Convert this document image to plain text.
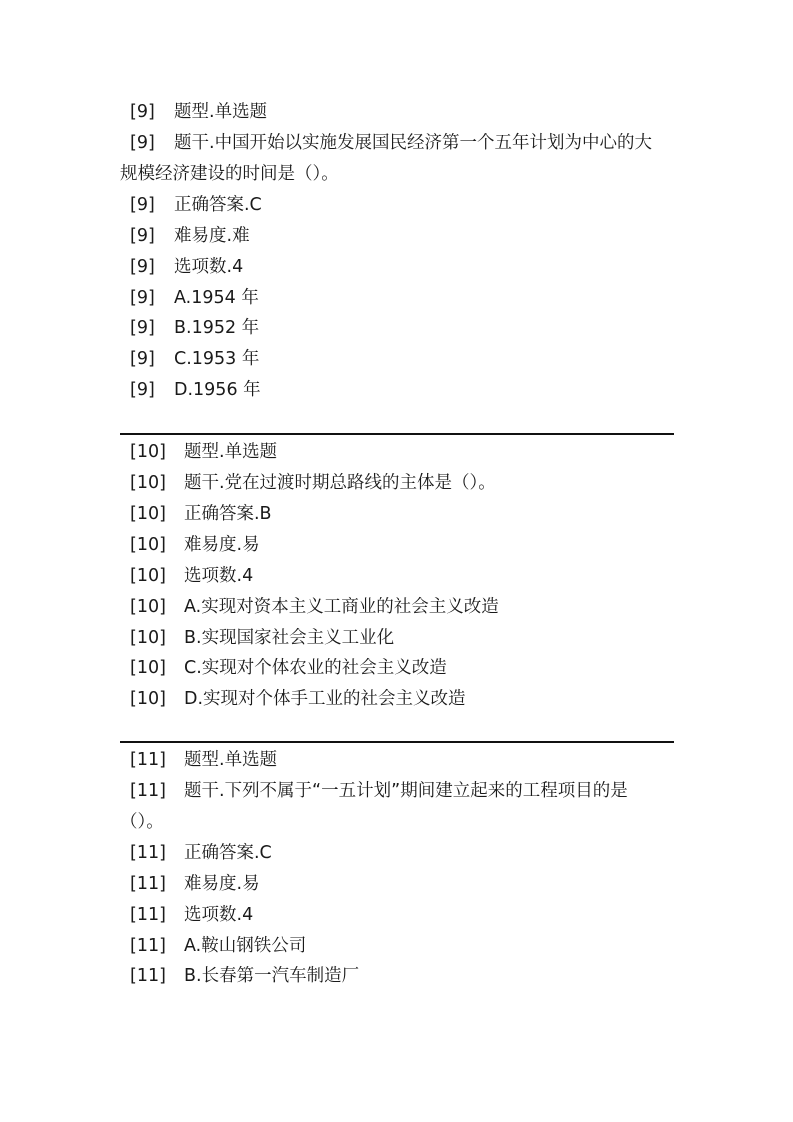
[9] 题型.单选题
[9] 题干.中国开始以实施发展国民经济第一个五年计划为中心的大
规模经济建设的时间是（）。
[9] 正确答案.C
[9] 难易度.难
[9] 选项数.4
[9] A.1954 年
[9] B.1952 年
[9] C.1953 年
[9] D.1956 年
[10] 题型.单选题
[10] 题干.党在过渡时期总路线的主体是（）。
[10] 正确答案.B
[10] 难易度.易
[10] 选项数.4
[10] A.实现对资本主义工商业的社会主义改造
[10] B.实现国家社会主义工业化
[10] C.实现对个体农业的社会主义改造
[10] D.实现对个体手工业的社会主义改造
[11] 题型.单选题
[11] 题干.下列不属于“一五计划”期间建立起来的工程项目的是
（）。
[11] 正确答案.C
[11] 难易度.易
[11] 选项数.4
[11] A.鞍山钢铁公司
[11] B.长春第一汽车制造厂
